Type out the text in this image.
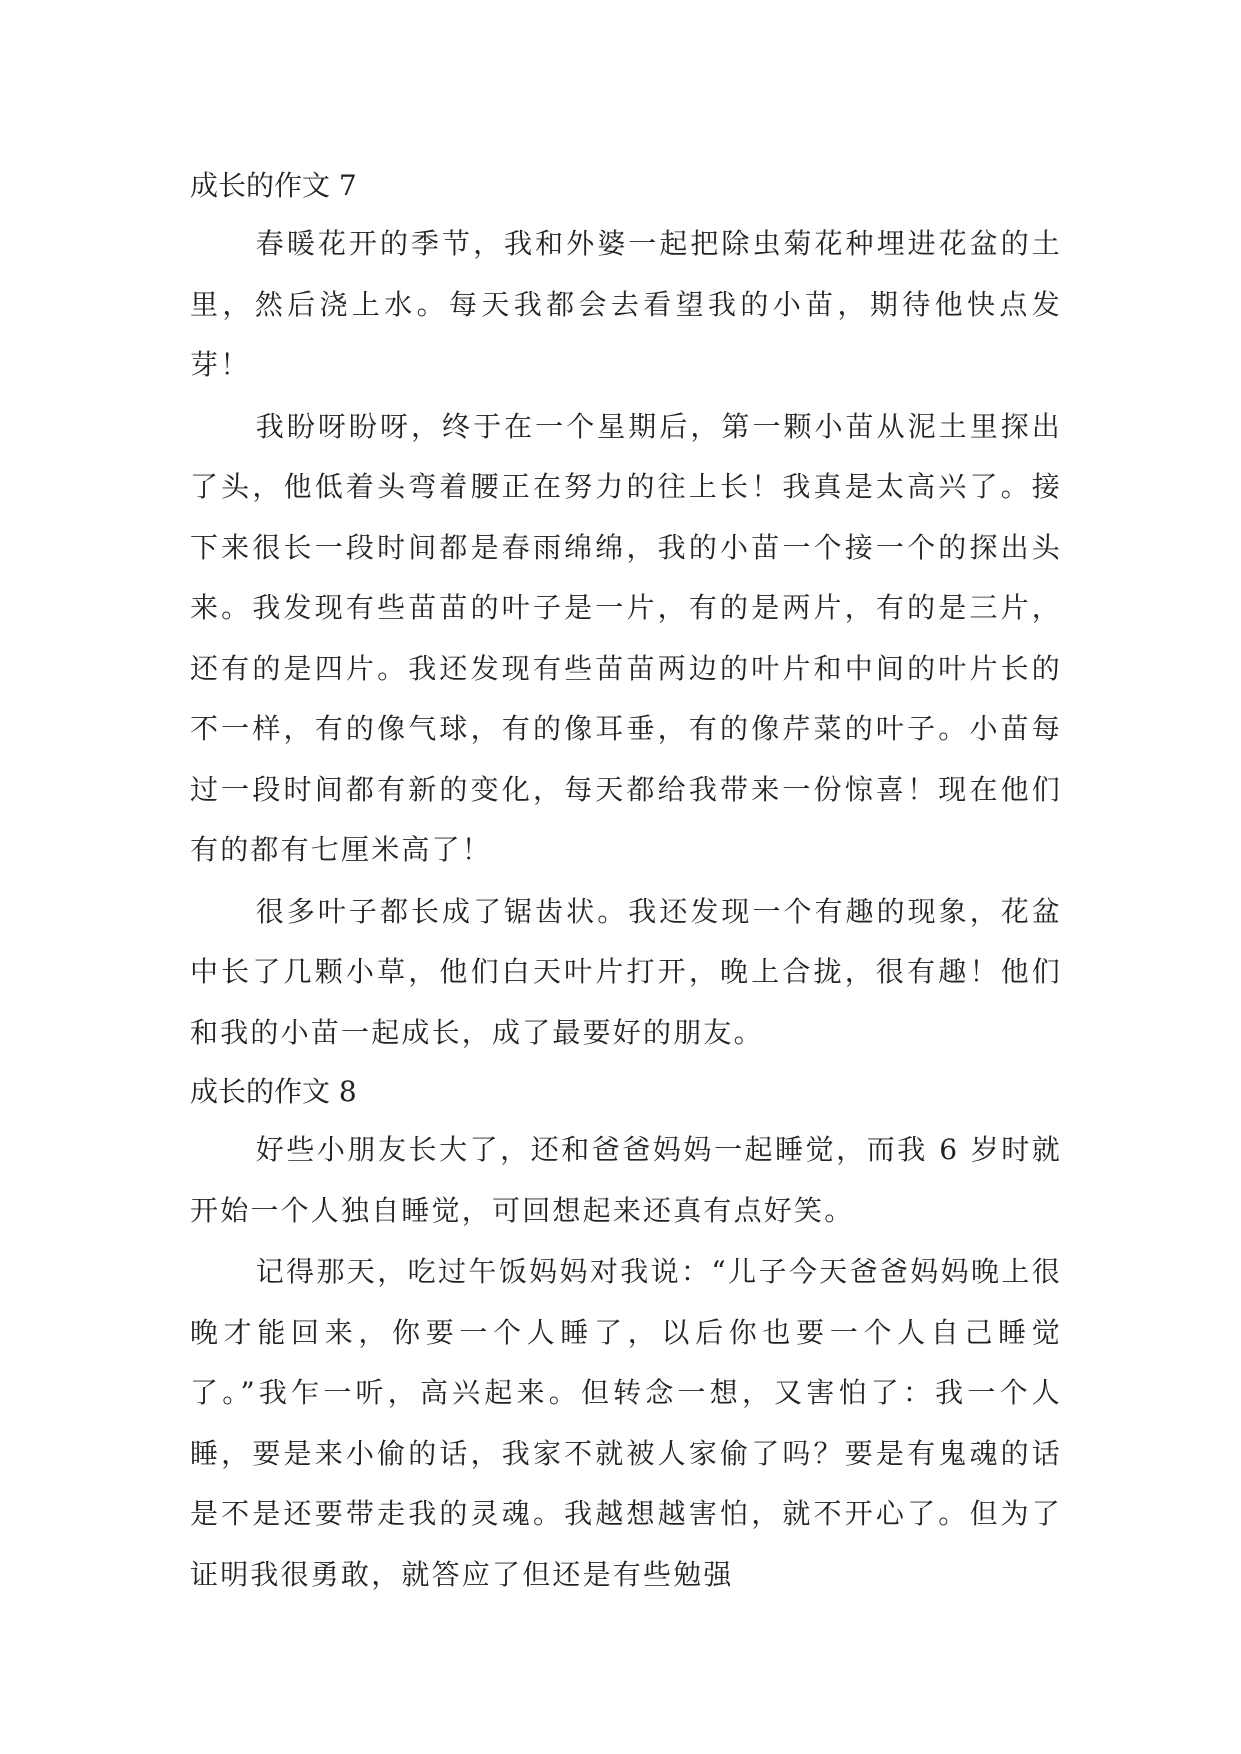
成长的作文 7

春暖花开的季节，我和外婆一起把除虫菊花种埋进花盆的土里，然后浇上水。每天我都会去看望我的小苗，期待他快点发芽！

我盼呀盼呀，终于在一个星期后，第一颗小苗从泥土里探出了头，他低着头弯着腰正在努力的往上长！我真是太高兴了。接下来很长一段时间都是春雨绵绵，我的小苗一个接一个的探出头来。我发现有些苗苗的叶子是一片，有的是两片，有的是三片，还有的是四片。我还发现有些苗苗两边的叶片和中间的叶片长的不一样，有的像气球，有的像耳垂，有的像芹菜的叶子。小苗每过一段时间都有新的变化，每天都给我带来一份惊喜！现在他们有的都有七厘米高了！

很多叶子都长成了锯齿状。我还发现一个有趣的现象，花盆中长了几颗小草，他们白天叶片打开，晚上合拢，很有趣！他们和我的小苗一起成长，成了最要好的朋友。

成长的作文 8

好些小朋友长大了，还和爸爸妈妈一起睡觉，而我 6 岁时就开始一个人独自睡觉，可回想起来还真有点好笑。

记得那天，吃过午饭妈妈对我说：“儿子今天爸爸妈妈晚上很晚才能回来，你要一个人睡了，以后你也要一个人自己睡觉了。”我乍一听，高兴起来。但转念一想，又害怕了：我一个人睡，要是来小偷的话，我家不就被人家偷了吗？要是有鬼魂的话是不是还要带走我的灵魂。我越想越害怕，就不开心了。但为了证明我很勇敢，就答应了但还是有些勉强
